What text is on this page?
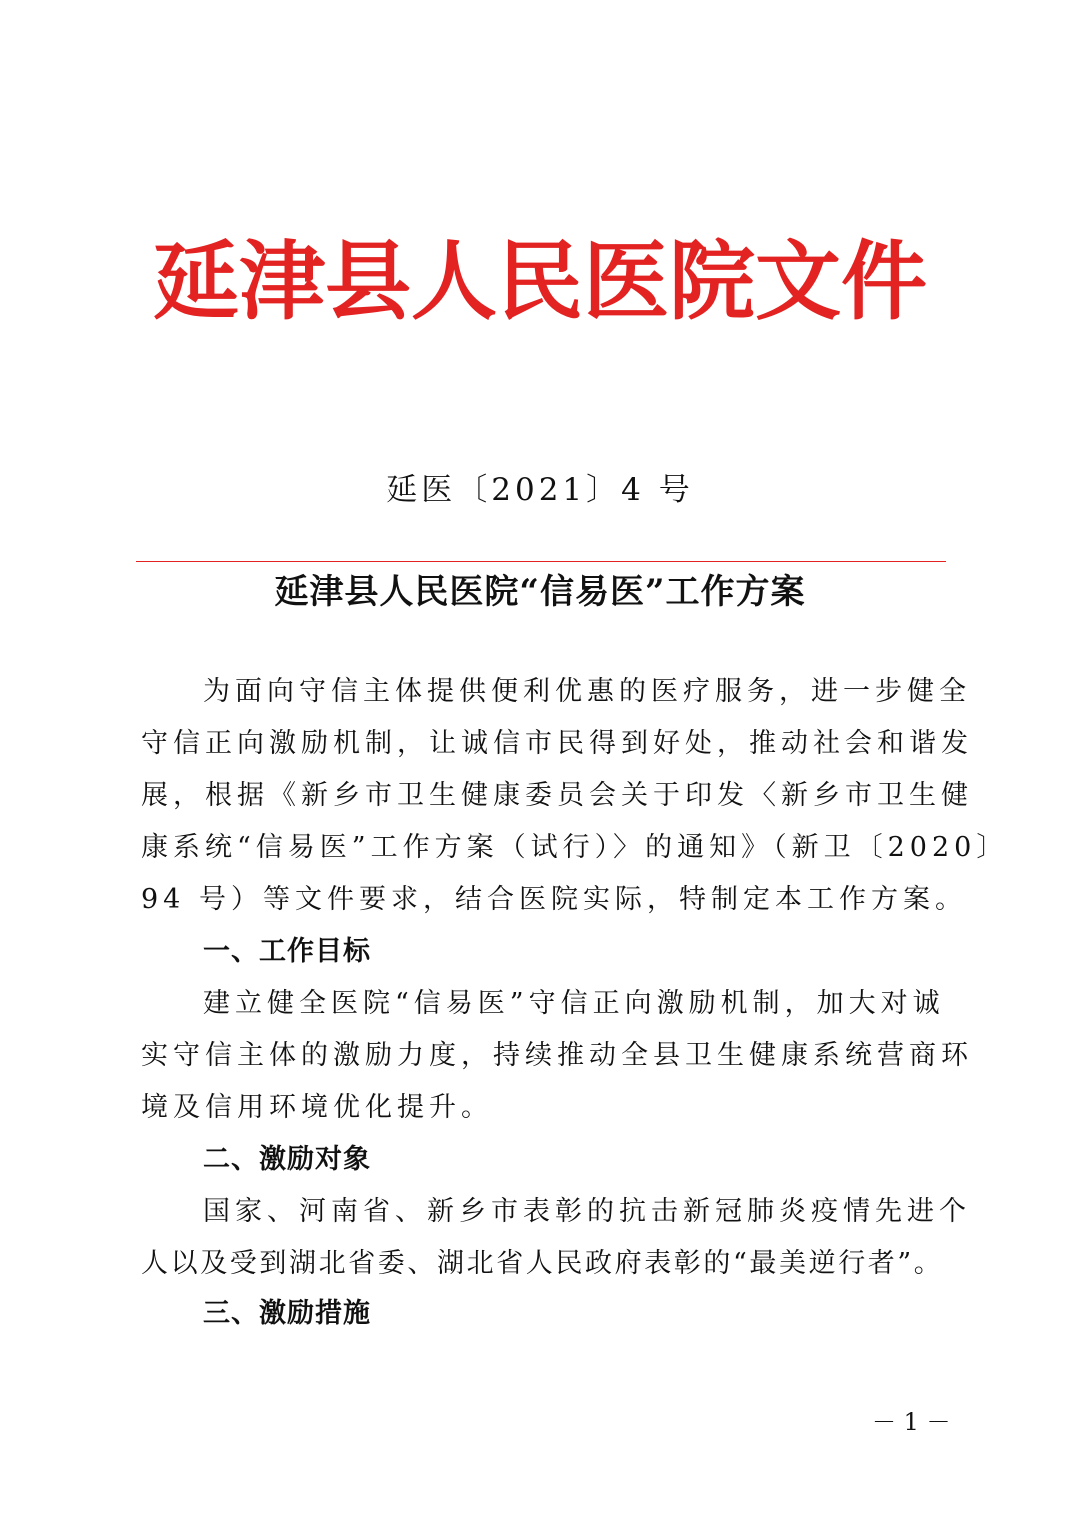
延津县人民医院文件
延医〔2021〕4 号
延津县人民医院“信易医”工作方案
为面向守信主体提供便利优惠的医疗服务，进一步健全
守信正向激励机制，让诚信市民得到好处，推动社会和谐发
展，根据《新乡市卫生健康委员会关于印发〈新乡市卫生健
康系统“信易医”工作方案（试行）〉的通知》（新卫〔2020〕
94 号）等文件要求，结合医院实际，特制定本工作方案。
一、工作目标
建立健全医院“信易医”守信正向激励机制，加大对诚
实守信主体的激励力度，持续推动全县卫生健康系统营商环
境及信用环境优化提升。
二、激励对象
国家、河南省、新乡市表彰的抗击新冠肺炎疫情先进个
人以及受到湖北省委、湖北省人民政府表彰的“最美逆行者”。
三、激励措施
－ 1 －
